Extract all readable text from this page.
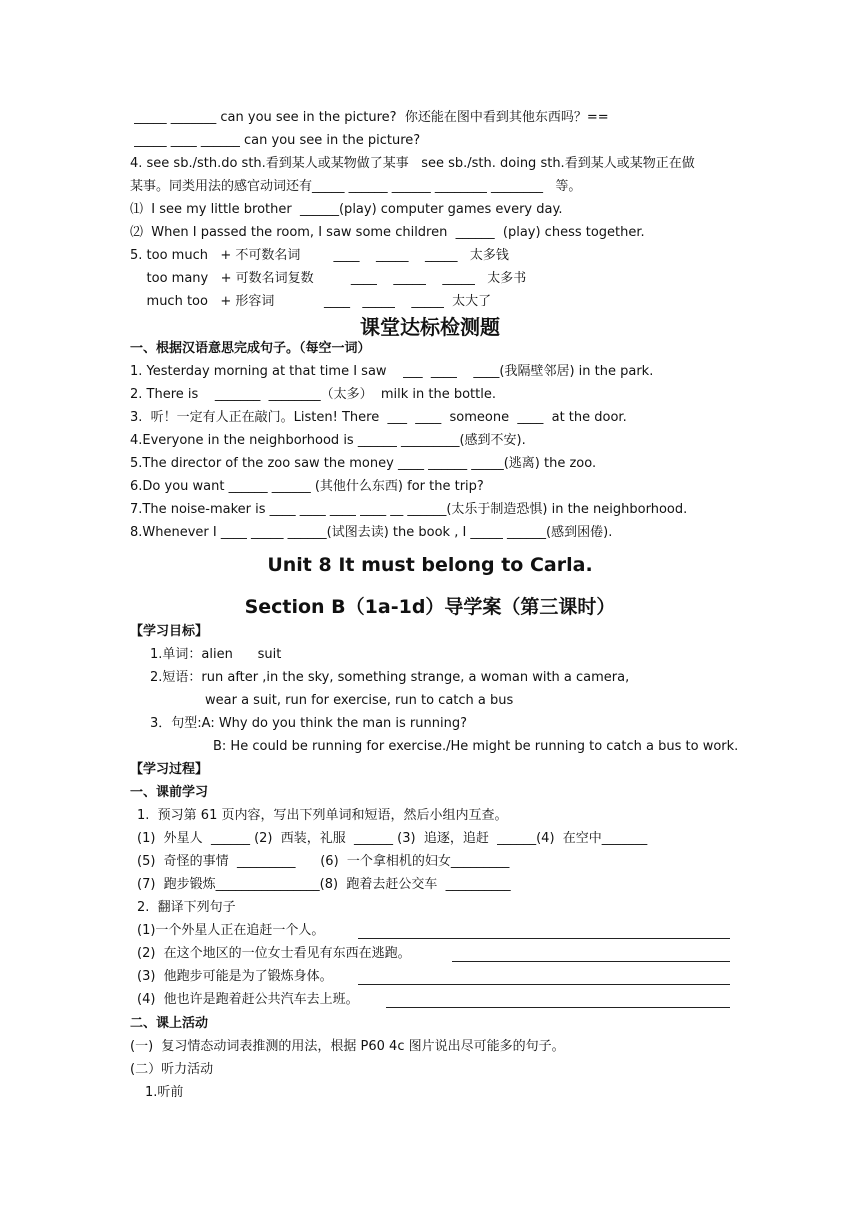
_____ _______ can you see in the picture?  你还能在图中看到其他东西吗？==
_____ ____ ______ can you see in the picture?
4. see sb./sth.do sth.看到某人或某物做了某事   see sb./sth. doing sth.看到某人或某物正在做
某事。同类用法的感官动词还有_____ ______ ______ ________ ________   等。
⑴  I see my little brother  ______(play) computer games every day.
⑵  When I passed the room, I saw some children  ______  (play) chess together.
5. too much   + 不可数名词        ____    _____    _____   太多钱
too many   + 可数名词复数         ____    _____    _____   太多书
much too   + 形容词            ____   _____    _____  太大了
课堂达标检测题
一、根据汉语意思完成句子。（每空一词）
1. Yesterday morning at that time I saw    ___  ____    ____(我隔壁邻居) in the park.
2. There is    _______  ________（太多）  milk in the bottle.
3.  听！一定有人正在敲门。Listen! There  ___  ____  someone  ____  at the door.
4.Everyone in the neighborhood is ______ _________(感到不安).
5.The director of the zoo saw the money ____ ______ _____(逃离) the zoo.
6.Do you want ______ ______ (其他什么东西) for the trip?
7.The noise-maker is ____ ____ ____ ____ __ ______(太乐于制造恐惧) in the neighborhood.
8.Whenever I ____ _____ ______(试图去读) the book , I _____ ______(感到困倦).
Unit 8 It must belong to Carla.
Section B（1a-1d）导学案（第三课时）
【学习目标】
1.单词：alien      suit
2.短语：run after ,in the sky, something strange, a woman with a camera,
wear a suit, run for exercise, run to catch a bus
3．句型:A: Why do you think the man is running?
B: He could be running for exercise./He might be running to catch a bus to work.
【学习过程】
一、课前学习
1.  预习第 61 页内容，写出下列单词和短语，然后小组内互查。
(1)  外星人  ______ (2)  西装，礼服  ______ (3)  追逐，追赶  ______(4)  在空中_______
(5)  奇怪的事情  _________      (6)  一个拿相机的妇女_________
(7)  跑步锻炼________________(8)  跑着去赶公交车  __________
2.  翻译下列句子
(1)一个外星人正在追赶一个人。
(2)  在这个地区的一位女士看见有东西在逃跑。
(3)  他跑步可能是为了锻炼身体。
(4)  他也许是跑着赶公共汽车去上班。
二、课上活动
(一)  复习情态动词表推测的用法，根据 P60 4c 图片说出尽可能多的句子。
(二）听力活动
1.听前
